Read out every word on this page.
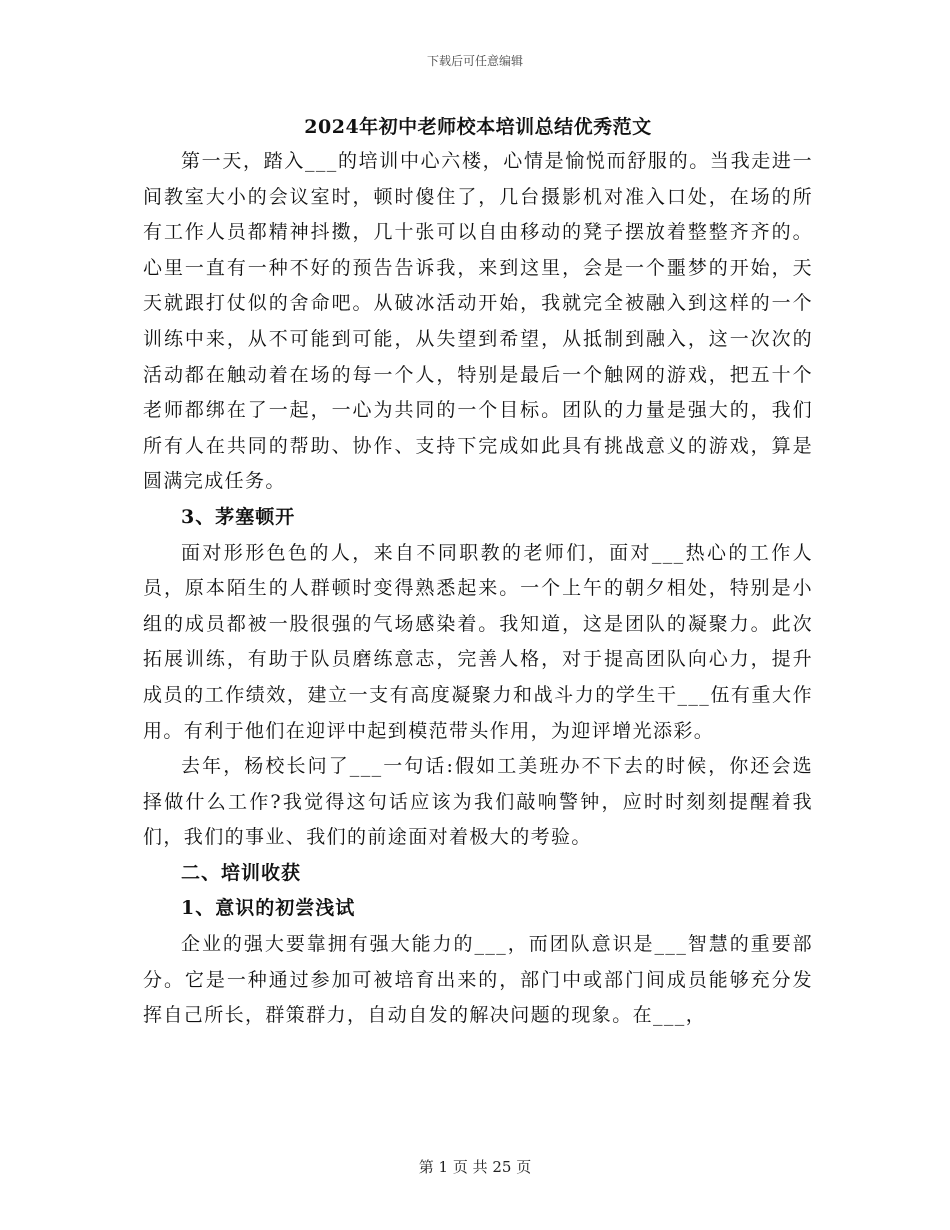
下载后可任意编辑
2024年初中老师校本培训总结优秀范文

第一天，踏入___的培训中心六楼，心情是愉悦而舒服的。当我走进一间教室大小的会议室时，顿时傻住了，几台摄影机对准入口处，在场的所有工作人员都精神抖擞，几十张可以自由移动的凳子摆放着整整齐齐的。心里一直有一种不好的预告告诉我，来到这里，会是一个噩梦的开始，天天就跟打仗似的舍命吧。从破冰活动开始，我就完全被融入到这样的一个训练中来，从不可能到可能，从失望到希望，从抵制到融入，这一次次的活动都在触动着在场的每一个人，特别是最后一个触网的游戏，把五十个老师都绑在了一起，一心为共同的一个目标。团队的力量是强大的，我们所有人在共同的帮助、协作、支持下完成如此具有挑战意义的游戏，算是圆满完成任务。

3、茅塞顿开

面对形形色色的人，来自不同职教的老师们，面对___热心的工作人员，原本陌生的人群顿时变得熟悉起来。一个上午的朝夕相处，特别是小组的成员都被一股很强的气场感染着。我知道，这是团队的凝聚力。此次拓展训练，有助于队员磨练意志，完善人格，对于提高团队向心力，提升成员的工作绩效，建立一支有高度凝聚力和战斗力的学生干___伍有重大作用。有利于他们在迎评中起到模范带头作用，为迎评增光添彩。

去年，杨校长问了___一句话:假如工美班办不下去的时候，你还会选择做什么工作?我觉得这句话应该为我们敲响警钟，应时时刻刻提醒着我们，我们的事业、我们的前途面对着极大的考验。

二、培训收获
1、意识的初尝浅试

企业的强大要靠拥有强大能力的___，而团队意识是___智慧的重要部分。它是一种通过参加可被培育出来的，部门中或部门间成员能够充分发挥自己所长，群策群力，自动自发的解决问题的现象。在___，

第 1 页 共 25 页
